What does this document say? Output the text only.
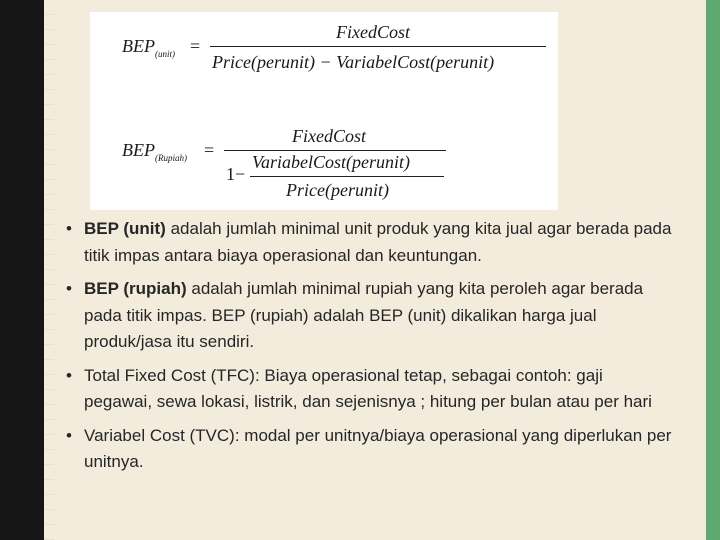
$BEP_{(unit)}$ =
FixedCost
Price(perunit) − VariabelCost(perunit)
$BEP_{(Rupiah)}$ =
FixedCost
1−
VariabelCost(perunit)
Price(perunit)
• BEP (unit) adalah jumlah minimal unit produk yang kita jual agar berada pada titik impas antara biaya operasional dan keuntungan.
• BEP (rupiah) adalah jumlah minimal rupiah yang kita peroleh agar berada pada titik impas. BEP (rupiah) adalah BEP (unit) dikalikan harga jual produk/jasa itu sendiri.
• Total Fixed Cost (TFC): Biaya operasional tetap, sebagai contoh: gaji pegawai, sewa lokasi, listrik, dan sejenisnya ; hitung per bulan atau per hari
• Variabel Cost (TVC): modal per unitnya/biaya operasional yang diperlukan per unitnya.
